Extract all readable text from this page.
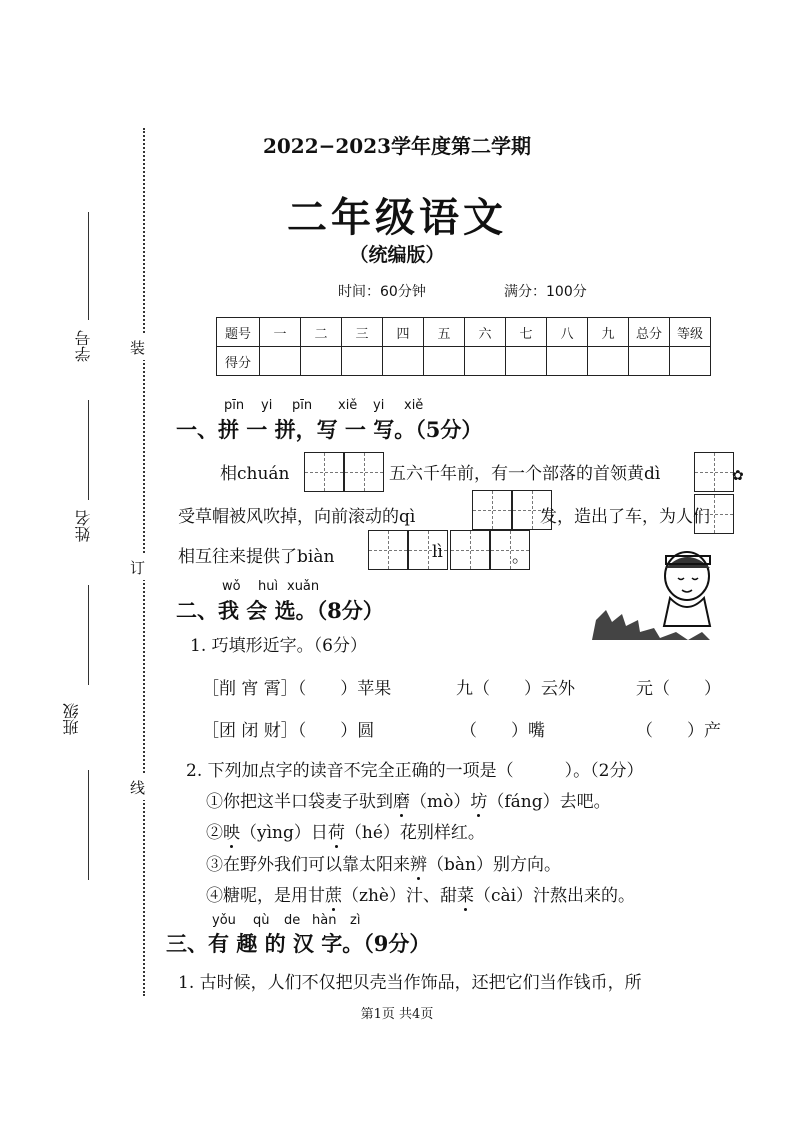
学号
姓名
班级
装
订
线
2022−2023学年度第二学期
二年级语文
（统编版）
时间：60分钟	满分：100分
题号	一	二	三	四	五	六	七	八	九	总分	等级
得分											
pīn yi pīn xiě yi xiě
一、拼 一 拼，写 一 写。（5分）
相chuán	五六千年前，有一个部落的首领黄dì	✿
受草帽被风吹掉，向前滚动的qì	发，造出了车，为人们
相互往来提供了biàn	lì	。
wǒ huì xuǎn
二、我 会 选。（8分）
1. 巧填形近字。（6分）
［削 宵 霄］（　　）苹果	九（　　）云外	元（　　）
［团 闭 财］（　　）圆	（　　）嘴	（　　）产
2. 下列加点字的读音不完全正确的一项是（　　　）。（2分）
①你把这半口袋麦子驮到磨（mò）坊（fáng）去吧。
②映（yìng）日荷（hé）花别样红。
③在野外我们可以靠太阳来辨（bàn）别方向。
④糖呢，是用甘蔗（zhè）汁、甜菜（cài）汁熬出来的。
yǒu qù de hàn zì
三、有 趣 的 汉 字。（9分）
1. 古时候，人们不仅把贝壳当作饰品，还把它们当作钱币，所
第1页 共4页
